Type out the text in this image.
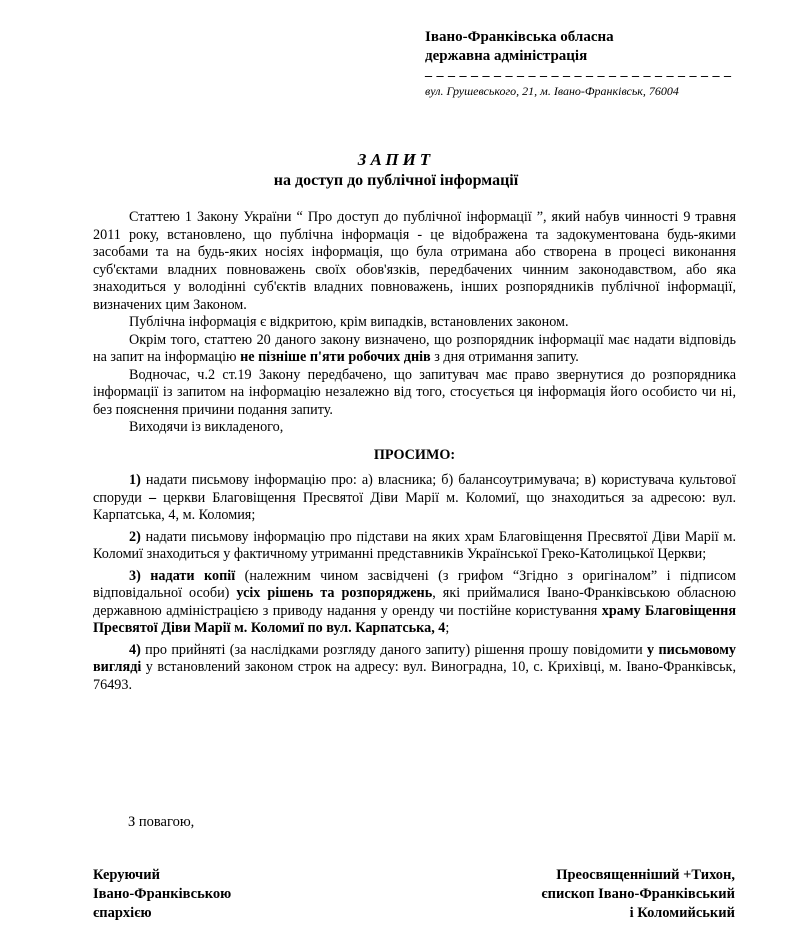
Івано-Франківська обласна
державна адміністрація
_ _ _ _ _ _ _ _ _ _ _ _ _ _ _ _ _ _ _ _ _ _ _ _ _ _ _
вул. Грушевського, 21, м. Івано-Франківськ, 76004
ЗАПИТ
на доступ до публічної інформації

Статтею 1 Закону України “ Про доступ до публічної інформації ”, який набув чинності 9 травня 2011 року, встановлено, що публічна інформація - це відображена та задокументована будь-якими засобами та на будь-яких носіях інформація, що була отримана або створена в процесі виконання суб'єктами владних повноважень своїх обов'язків, передбачених чинним законодавством, або яка знаходиться у володінні суб'єктів владних повноважень, інших розпорядників публічної інформації, визначених цим Законом.

Публічна інформація є відкритою, крім випадків, встановлених законом.

Окрім того, статтею 20 даного закону визначено, що розпорядник інформації має надати відповідь на запит на інформацію не пізніше п'яти робочих днів з дня отримання запиту.

Водночас, ч.2 ст.19 Закону передбачено, що запитувач має право звернутися до розпорядника інформації із запитом на інформацію незалежно від того, стосується ця інформація його особисто чи ні, без пояснення причини подання запиту.

Виходячи із викладеного,

ПРОСИМО:

1) надати письмову інформацію про: а) власника; б) балансоутримувача; в) користувача культової споруди – церкви Благовіщення Пресвятої Діви Марії м. Коломиї, що знаходиться за адресою: вул. Карпатська, 4, м. Коломия;

2) надати письмову інформацію про підстави на яких храм Благовіщення Пресвятої Діви Марії м. Коломиї знаходиться у фактичному утриманні представників Української Греко-Католицької Церкви;

3) надати копії (належним чином засвідчені (з грифом “Згідно з оригіналом” і підписом відповідальної особи) усіх рішень та розпоряджень, які приймалися Івано-Франківською обласною державною адміністрацією з приводу надання у оренду чи постійне користування храму Благовіщення Пресвятої Діви Марії м. Коломиї по вул. Карпатська, 4;

4) про прийняті (за наслідками розгляду даного запиту) рішення прошу повідомити у письмовому вигляді у встановлений законом строк на адресу: вул. Виноградна, 10, с. Крихівці, м. Івано-Франківськ, 76493.

З повагою,
Керуючий
Івано-Франківською
єпархією
Преосвященніший +Тихон,
єпископ Івано-Франківський
і Коломийський
